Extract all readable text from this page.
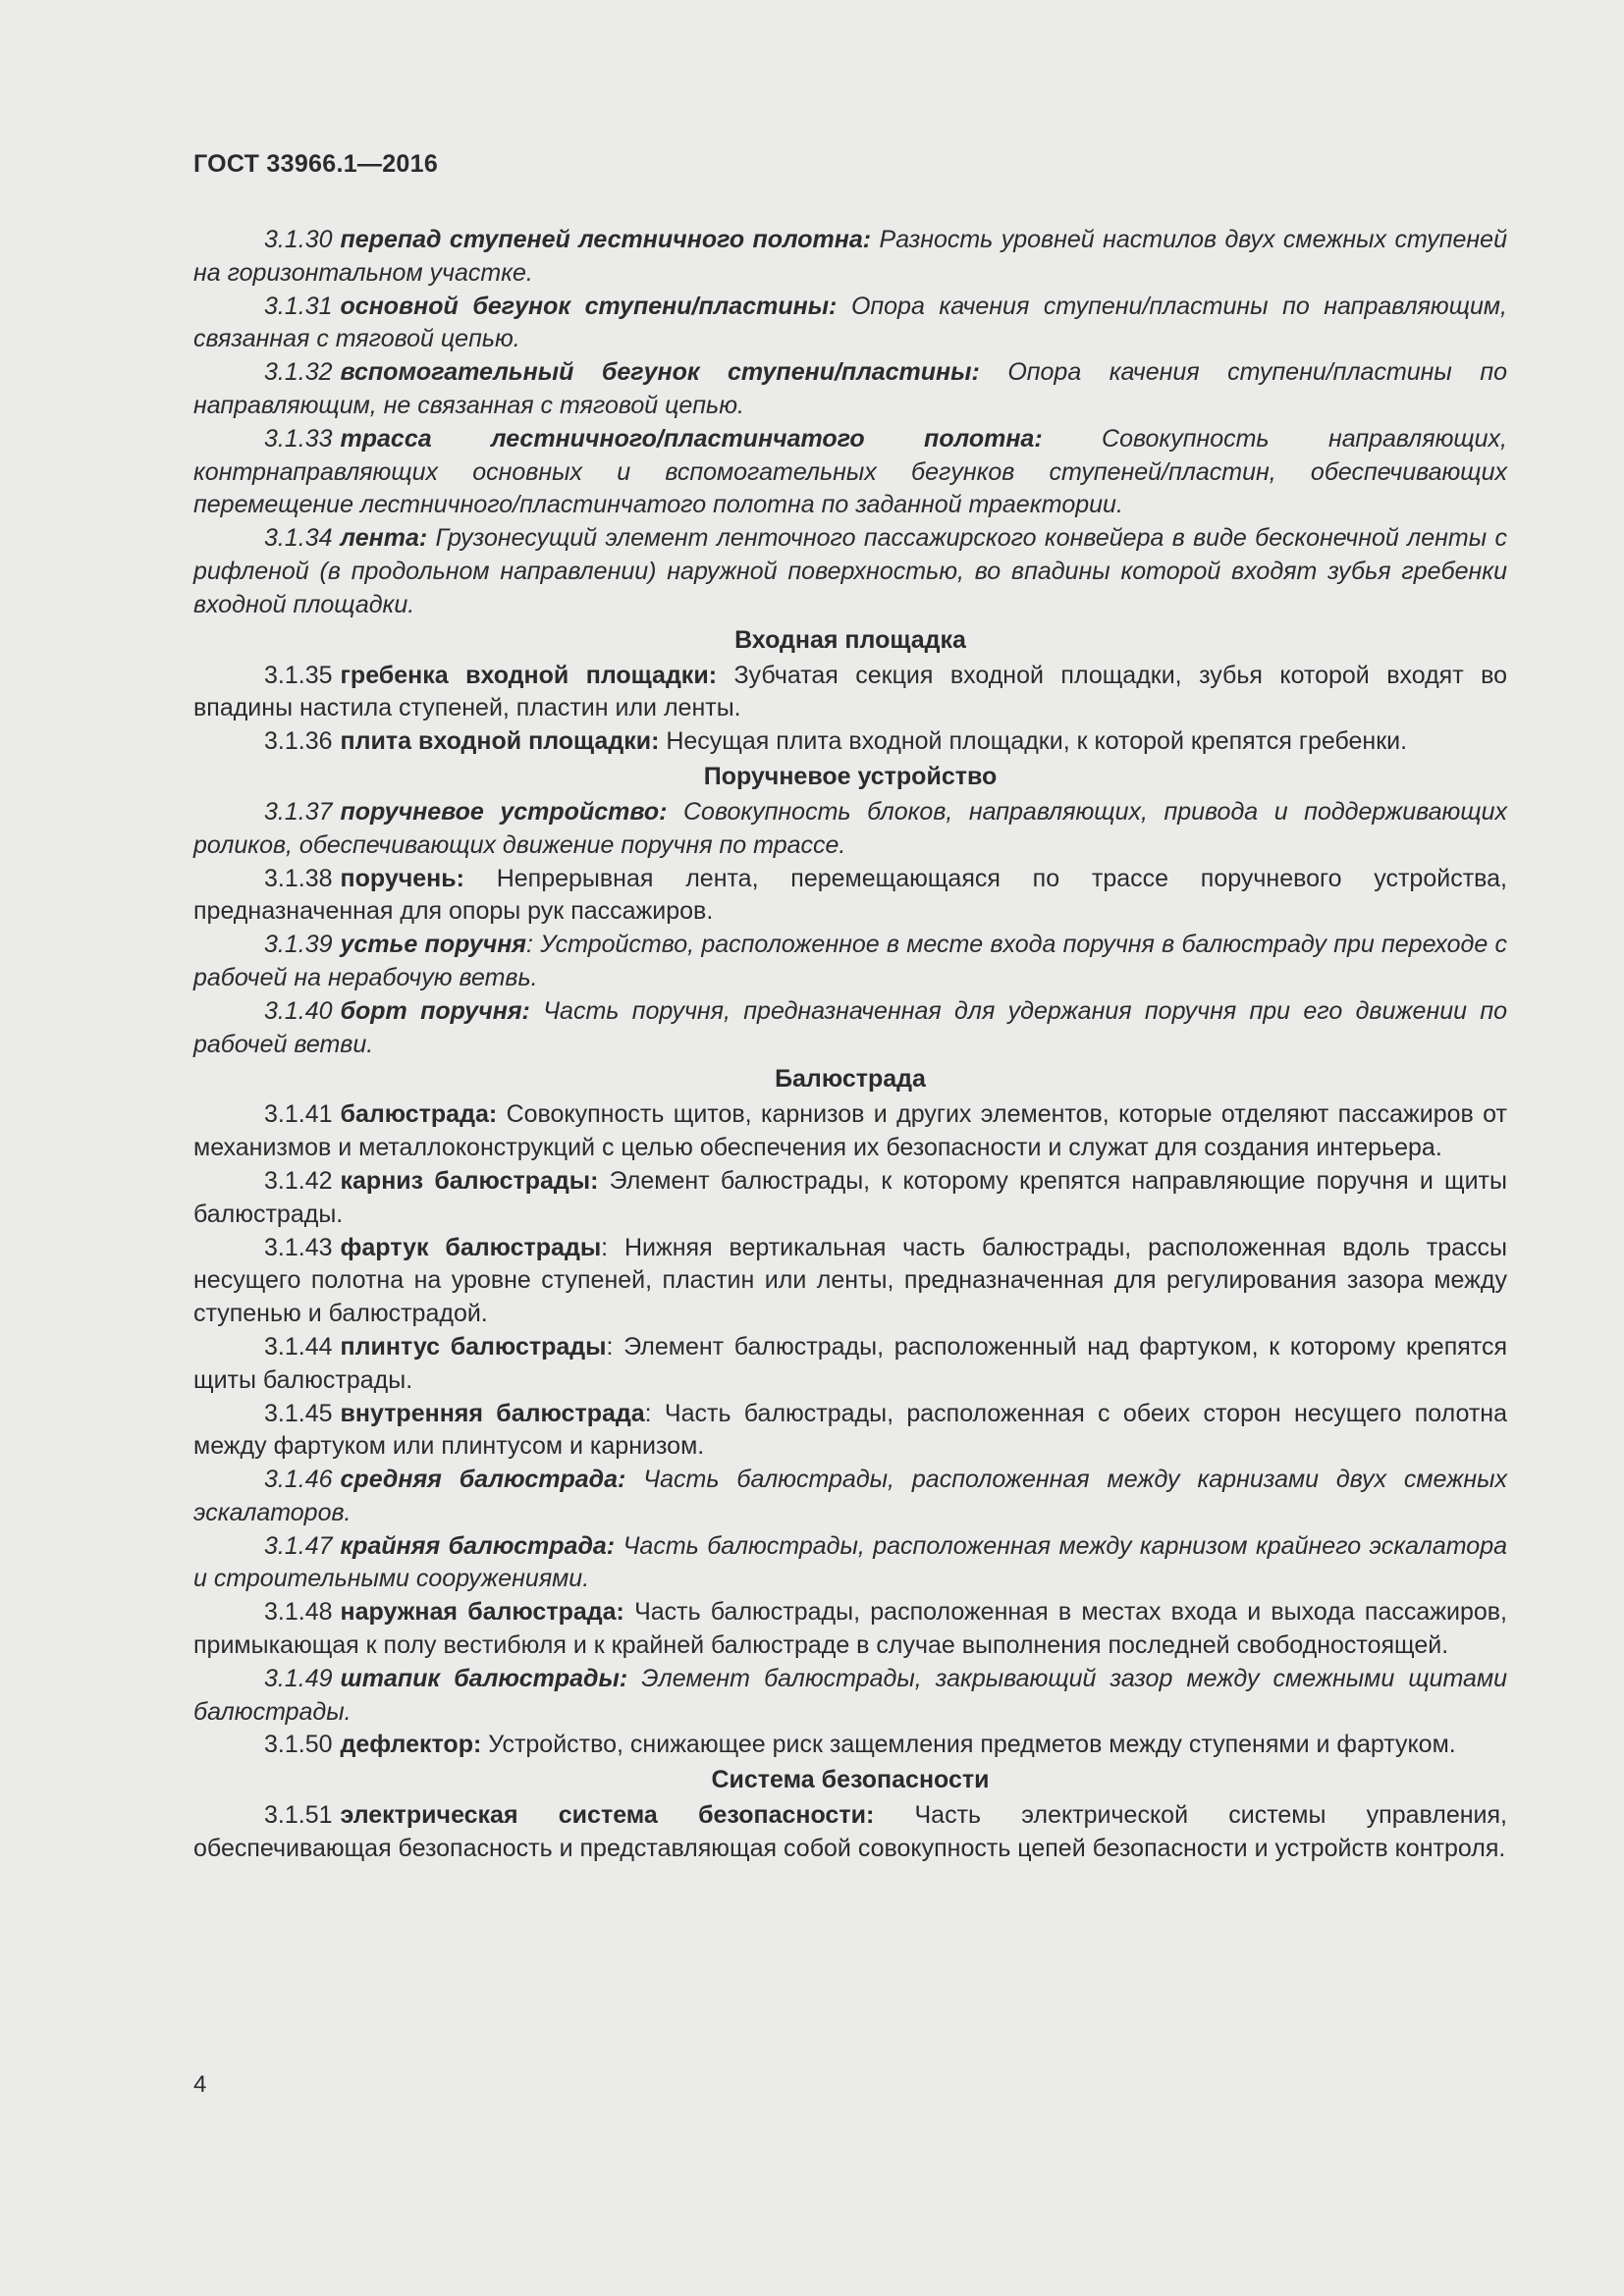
ГОСТ 33966.1—2016

3.1.30 перепад ступеней лестничного полотна: Разность уровней настилов двух смежных ступеней на горизонтальном участке.

3.1.31 основной бегунок ступени/пластины: Опора качения ступени/пластины по направляющим, связанная с тяговой цепью.

3.1.32 вспомогательный бегунок ступени/пластины: Опора качения ступени/пластины по направляющим, не связанная с тяговой цепью.

3.1.33 трасса лестничного/пластинчатого полотна: Совокупность направляющих, контрнаправляющих основных и вспомогательных бегунков ступеней/пластин, обеспечивающих перемещение лестничного/пластинчатого полотна по заданной траектории.

3.1.34 лента: Грузонесущий элемент ленточного пассажирского конвейера в виде бесконечной ленты с рифленой (в продольном направлении) наружной поверхностью, во впадины которой входят зубья гребенки входной площадки.

Входная площадка

3.1.35 гребенка входной площадки: Зубчатая секция входной площадки, зубья которой входят во впадины настила ступеней, пластин или ленты.

3.1.36 плита входной площадки: Несущая плита входной площадки, к которой крепятся гребенки.

Поручневое устройство

3.1.37 поручневое устройство: Совокупность блоков, направляющих, привода и поддерживающих роликов, обеспечивающих движение поручня по трассе.

3.1.38 поручень: Непрерывная лента, перемещающаяся по трассе поручневого устройства, предназначенная для опоры рук пассажиров.

3.1.39 устье поручня: Устройство, расположенное в месте входа поручня в балюстраду при переходе с рабочей на нерабочую ветвь.

3.1.40 борт поручня: Часть поручня, предназначенная для удержания поручня при его движении по рабочей ветви.

Балюстрада

3.1.41 балюстрада: Совокупность щитов, карнизов и других элементов, которые отделяют пассажиров от механизмов и металлоконструкций с целью обеспечения их безопасности и служат для создания интерьера.

3.1.42 карниз балюстрады: Элемент балюстрады, к которому крепятся направляющие поручня и щиты балюстрады.

3.1.43 фартук балюстрады: Нижняя вертикальная часть балюстрады, расположенная вдоль трассы несущего полотна на уровне ступеней, пластин или ленты, предназначенная для регулирования зазора между ступенью и балюстрадой.

3.1.44 плинтус балюстрады: Элемент балюстрады, расположенный над фартуком, к которому крепятся щиты балюстрады.

3.1.45 внутренняя балюстрада: Часть балюстрады, расположенная с обеих сторон несущего полотна между фартуком или плинтусом и карнизом.

3.1.46 средняя балюстрада: Часть балюстрады, расположенная между карнизами двух смежных эскалаторов.

3.1.47 крайняя балюстрада: Часть балюстрады, расположенная между карнизом крайнего эскалатора и строительными сооружениями.

3.1.48 наружная балюстрада: Часть балюстрады, расположенная в местах входа и выхода пассажиров, примыкающая к полу вестибюля и к крайней балюстраде в случае выполнения последней свободностоящей.

3.1.49 штапик балюстрады: Элемент балюстрады, закрывающий зазор между смежными щитами балюстрады.

3.1.50 дефлектор: Устройство, снижающее риск защемления предметов между ступенями и фартуком.

Система безопасности

3.1.51 электрическая система безопасности: Часть электрической системы управления, обеспечивающая безопасность и представляющая собой совокупность цепей безопасности и устройств контроля.

4
